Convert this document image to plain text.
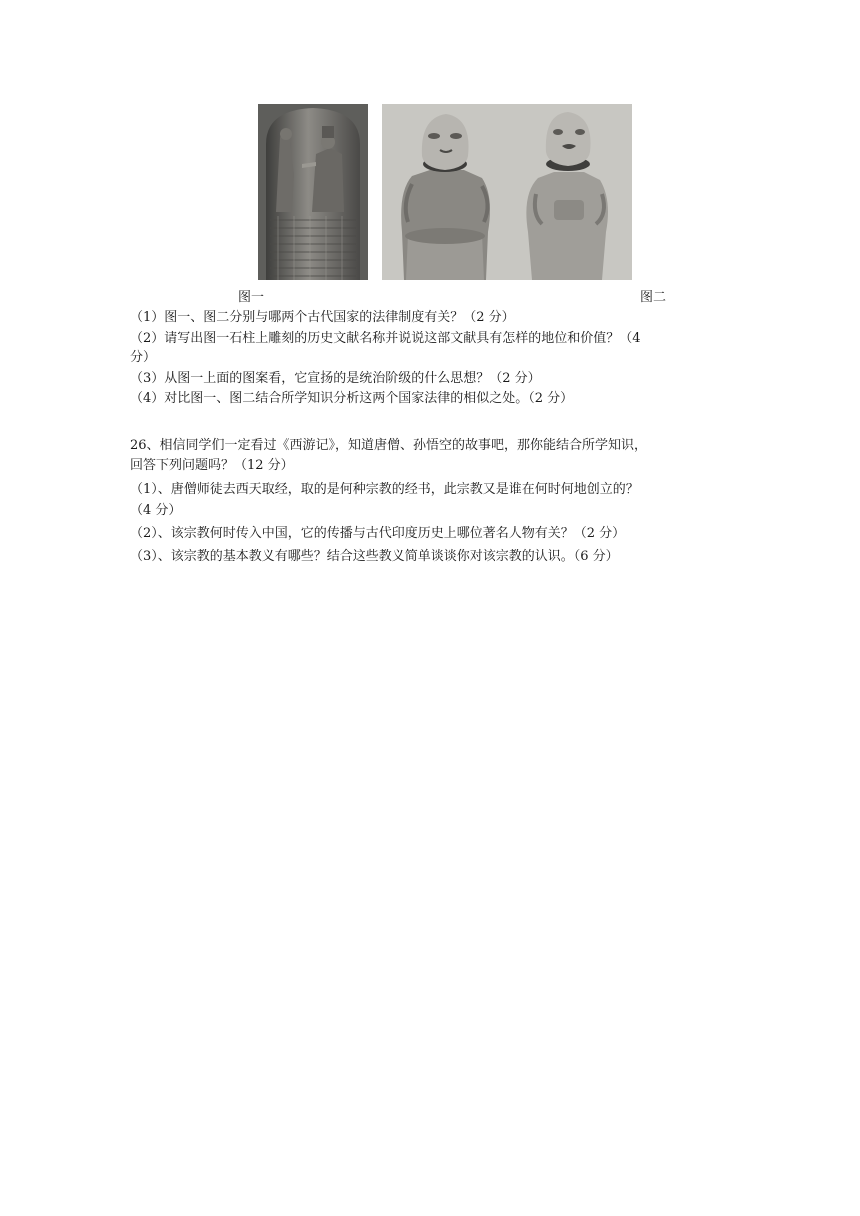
图一	图二
（1）图一、图二分别与哪两个古代国家的法律制度有关？（2 分）
（2）请写出图一石柱上雕刻的历史文献名称并说说这部文献具有怎样的地位和价值？（4
分）
（3）从图一上面的图案看，它宣扬的是统治阶级的什么思想？（2 分）
（4）对比图一、图二结合所学知识分析这两个国家法律的相似之处。（2 分）
26、相信同学们一定看过《西游记》，知道唐僧、孙悟空的故事吧，那你能结合所学知识，
回答下列问题吗？（12 分）
（1）、唐僧师徒去西天取经，取的是何种宗教的经书，此宗教又是谁在何时何地创立的？
（4 分）
（2）、该宗教何时传入中国，它的传播与古代印度历史上哪位著名人物有关？（2 分）
（3）、该宗教的基本教义有哪些？结合这些教义简单谈谈你对该宗教的认识。（6 分）
